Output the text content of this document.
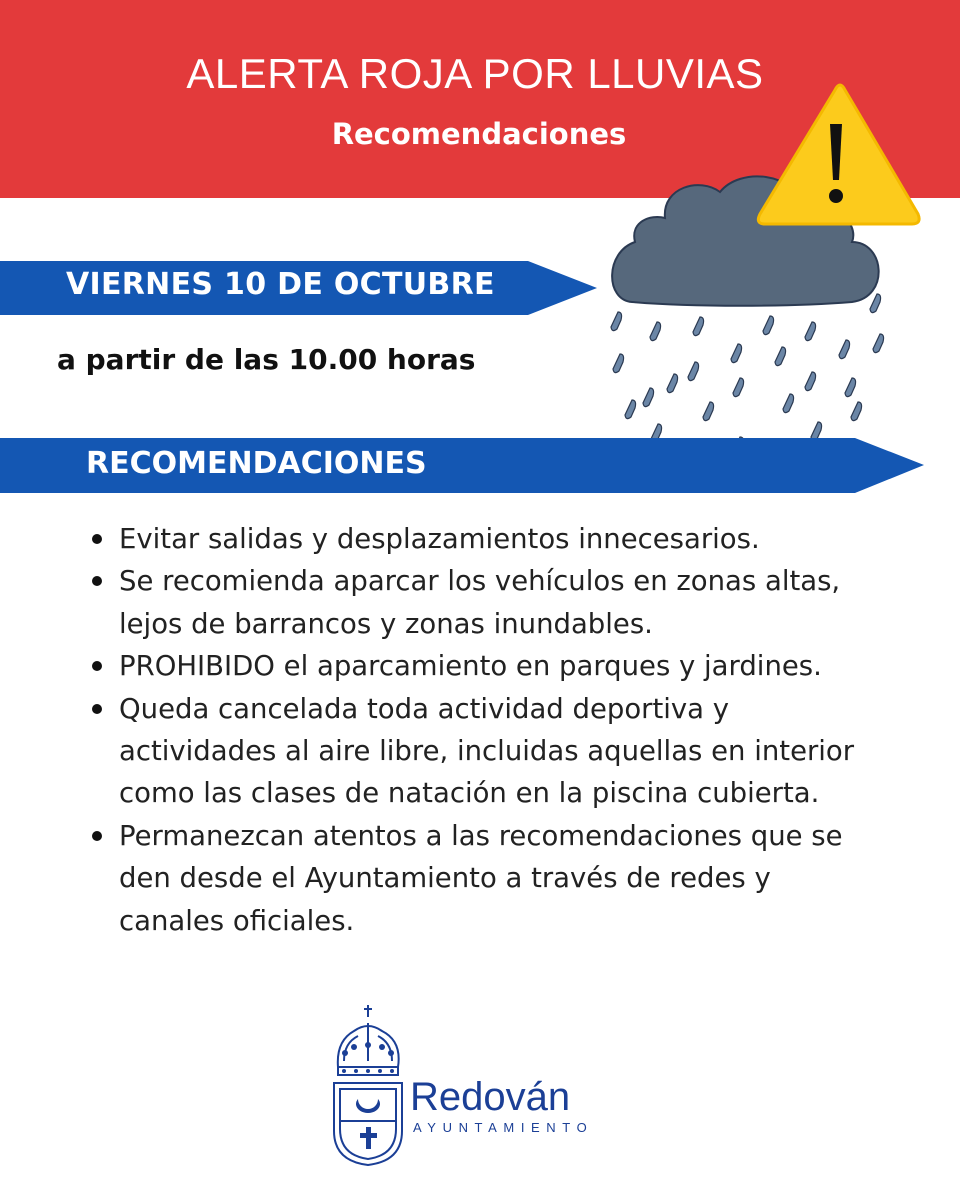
ALERTA ROJA POR LLUVIAS
Recomendaciones
VIERNES 10 DE OCTUBRE
a partir de las 10.00 horas
RECOMENDACIONES
Evitar salidas y desplazamientos innecesarios.
Se recomienda aparcar los vehículos en zonas altas,
lejos de barrancos y zonas inundables.
PROHIBIDO el aparcamiento en parques y jardines.
Queda cancelada toda actividad deportiva y
actividades al aire libre, incluidas aquellas en interior
como las clases de natación en la piscina cubierta.
Permanezcan atentos a las recomendaciones que se
den desde el Ayuntamiento a través de redes y
canales oficiales.
Redován
AYUNTAMIENTO
